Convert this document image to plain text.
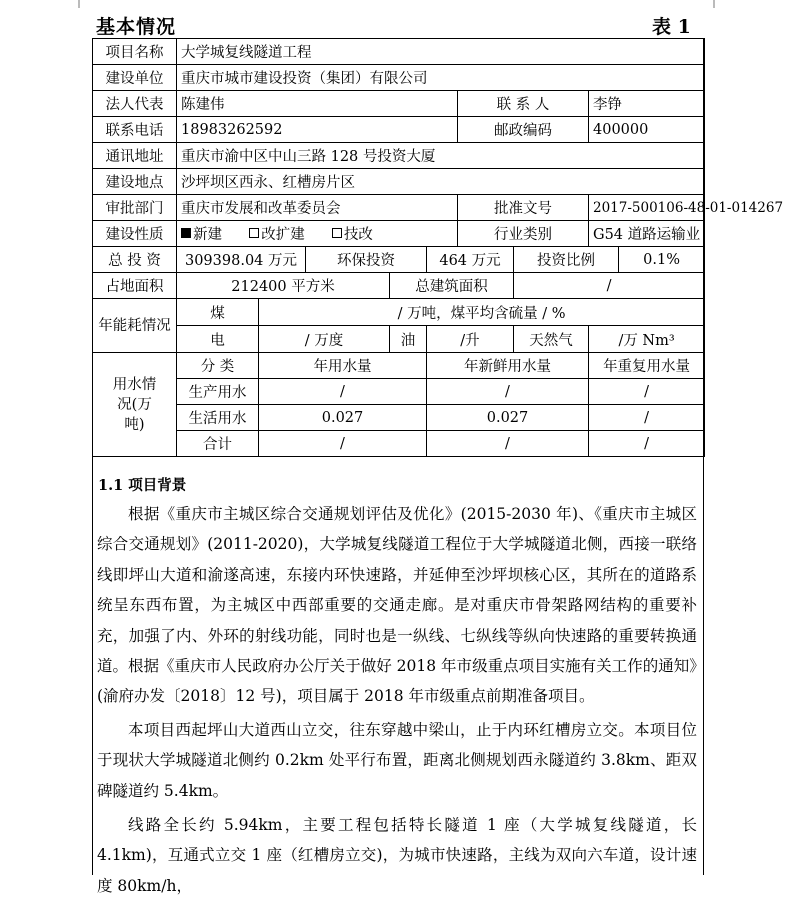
基本情况	表 1
项目名称	大学城复线隧道工程								
建设单位	重庆市城市建设投资（集团）有限公司								
法人代表	陈建伟					联 系 人		李铮	
联系电话	18983262592					邮政编码		400000	
通讯地址	重庆市渝中区中山三路 128 号投资大厦								
建设地点	沙坪坝区西永、红槽房片区								
审批部门	重庆市发展和改革委员会					批准文号		2017-500106-48-01-014267	
建设性质	新建 改扩建 技改					行业类别		G54 道路运输业	
总 投 资	309398.04 万元		环保投资		464 万元		投资比例		0.1%
占地面积	212400 平方米			总建筑面积			/		
年能耗情况	煤	/ 万吨，煤平均含硫量 / %							
	电	/ 万度		油	/升		天然气	/万 Nm³	
用水情况(万吨)	分 类	年用水量			年新鲜用水量			年重复用水量	
	生产用水	/			/			/	
	生活用水	0.027			0.027			/	
	合计	/			/			/	
1.1 项目背景
根据《重庆市主城区综合交通规划评估及优化》(2015-2030 年)、《重庆市主城区综合交通规划》(2011-2020)，大学城复线隧道工程位于大学城隧道北侧，西接一联络线即坪山大道和渝遂高速，东接内环快速路，并延伸至沙坪坝核心区，其所在的道路系统呈东西布置，为主城区中西部重要的交通走廊。是对重庆市骨架路网结构的重要补充，加强了内、外环的射线功能，同时也是一纵线、七纵线等纵向快速路的重要转换通道。根据《重庆市人民政府办公厅关于做好 2018 年市级重点项目实施有关工作的通知》(渝府办发〔2018〕12 号)，项目属于 2018 年市级重点前期准备项目。
本项目西起坪山大道西山立交，往东穿越中梁山，止于内环红槽房立交。本项目位于现状大学城隧道北侧约 0.2km 处平行布置，距离北侧规划西永隧道约 3.8km、距双碑隧道约 5.4km。
线路全长约 5.94km，主要工程包括特长隧道 1 座（大学城复线隧道，长 4.1km)，互通式立交 1 座（红槽房立交)，为城市快速路，主线为双向六车道，设计速度 80km/h，
